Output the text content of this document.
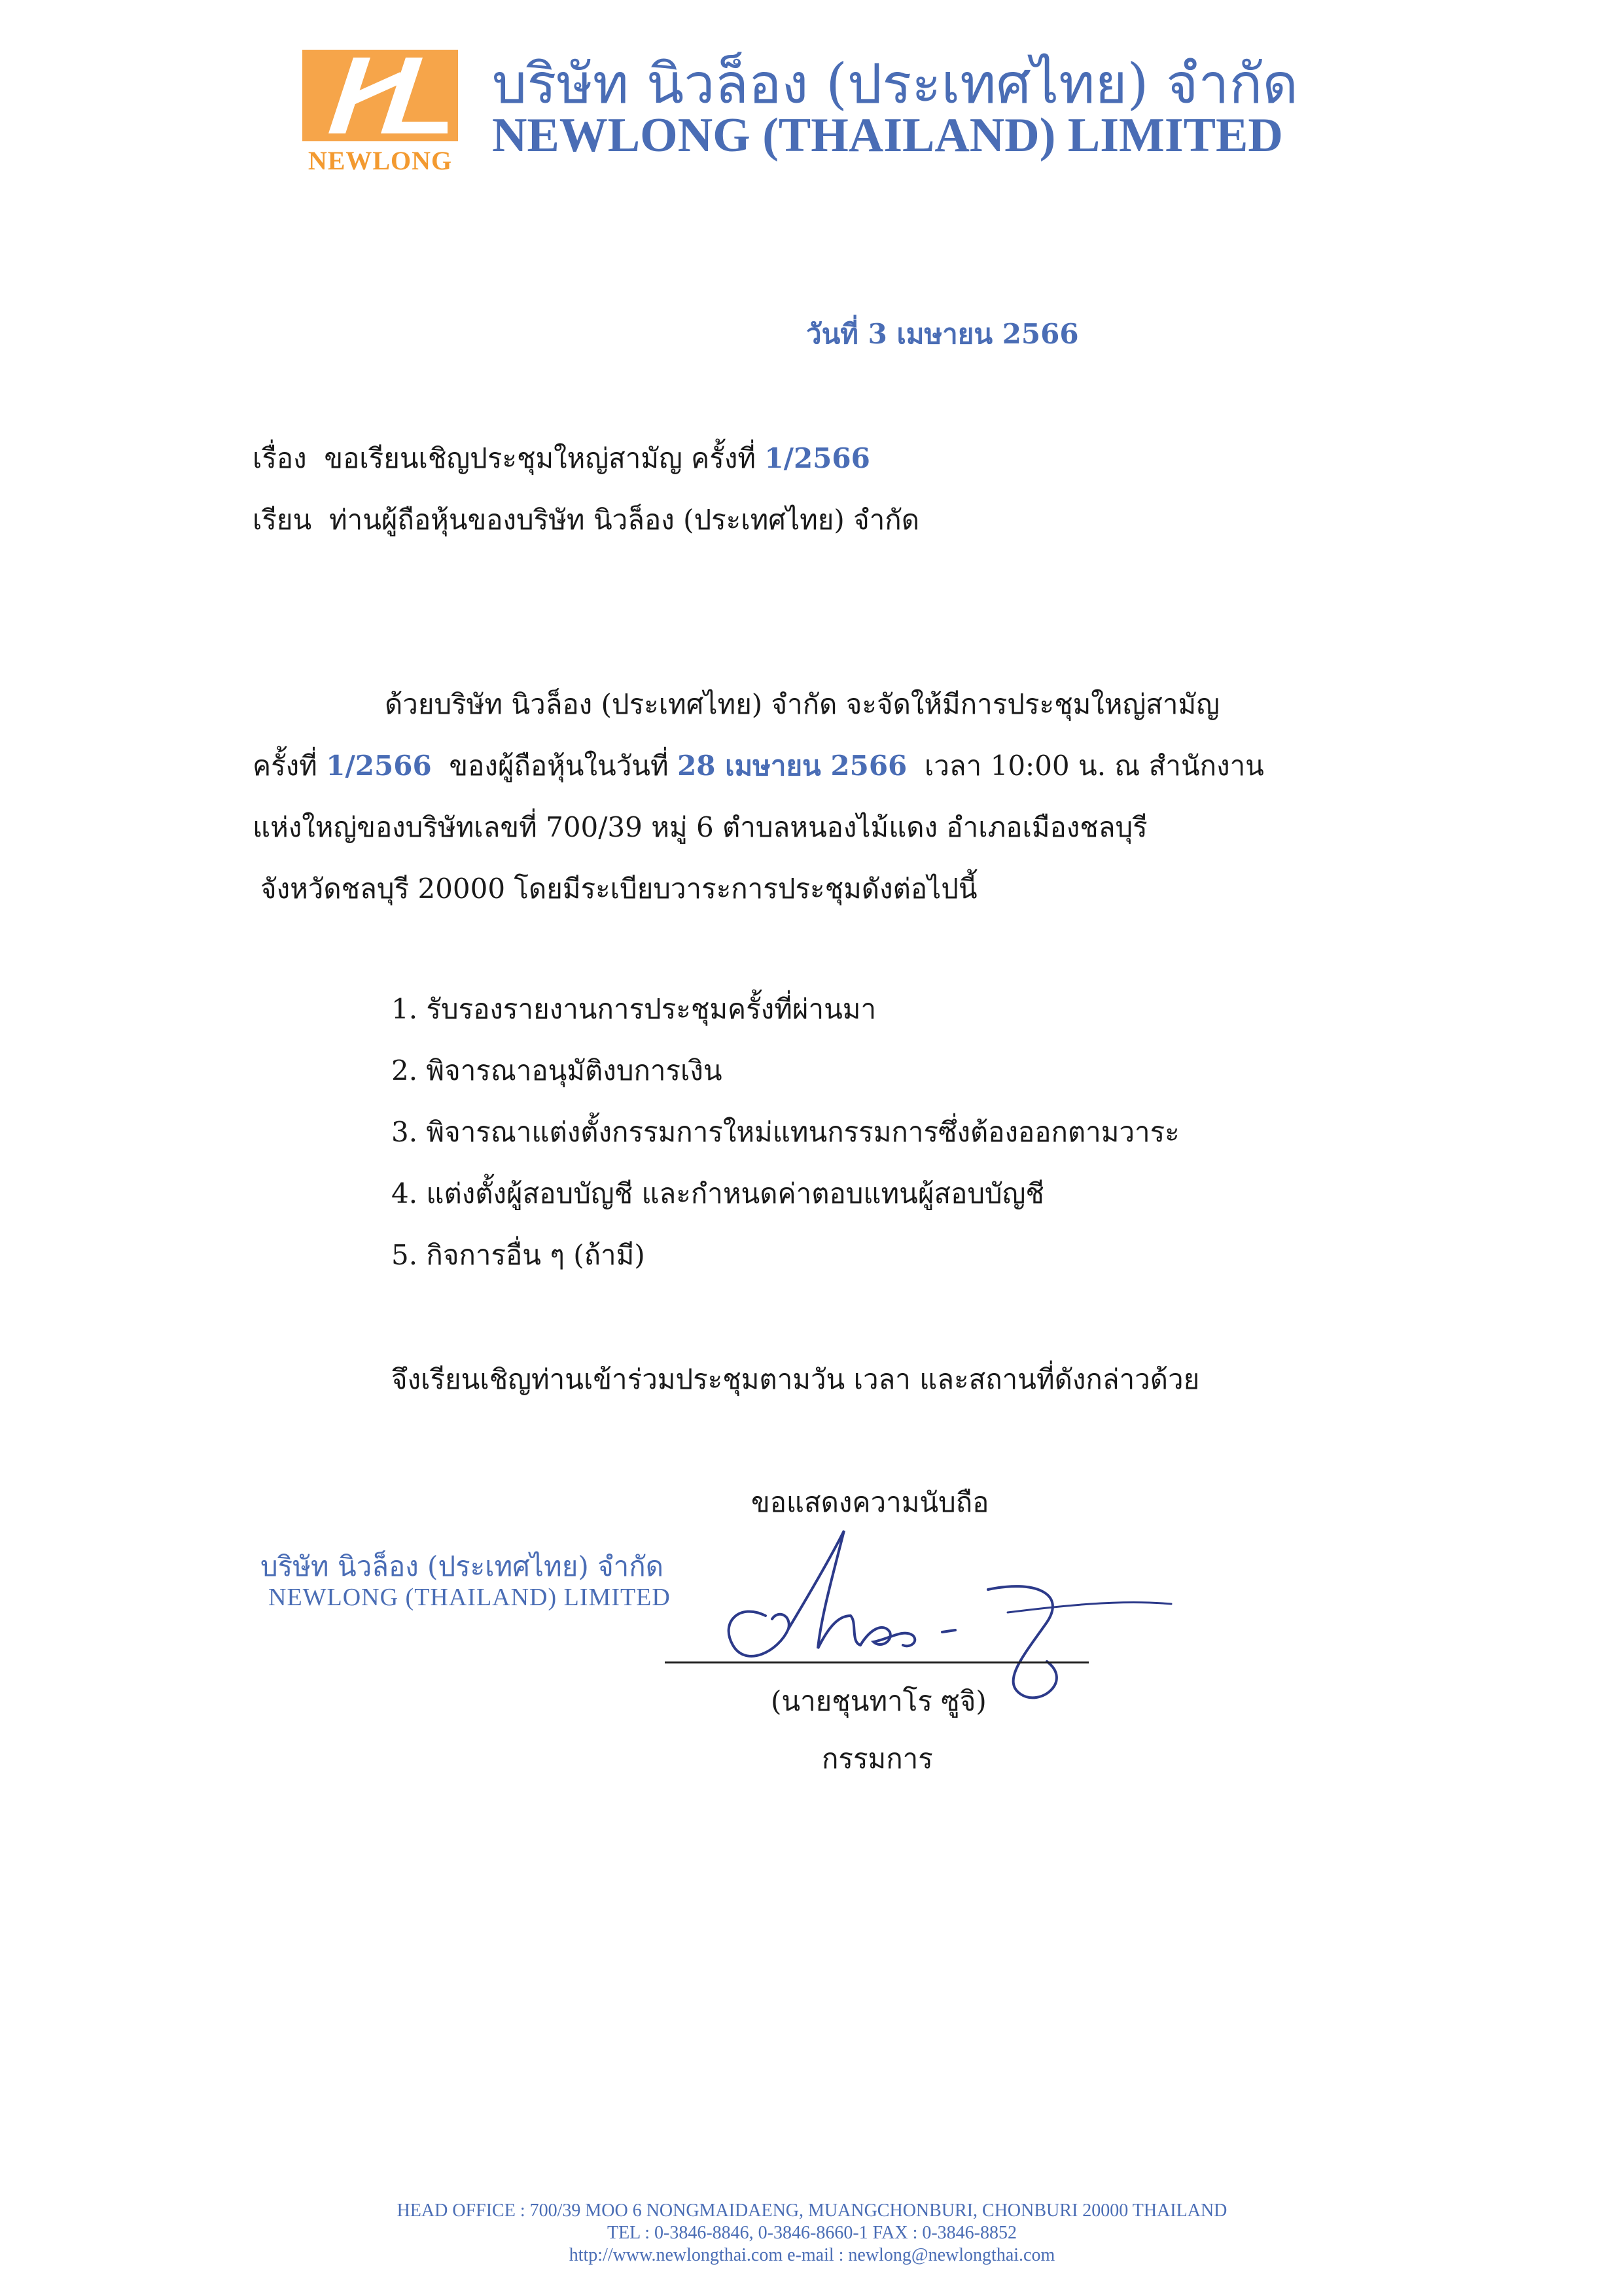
NEWLONG
บริษัท นิวล็อง (ประเทศไทย) จำกัด
NEWLONG (THAILAND) LIMITED
วันที่ 3 เมษายน 2566
เรื่อง ขอเรียนเชิญประชุมใหญ่สามัญ ครั้งที่ 1/2566
เรียน ท่านผู้ถือหุ้นของบริษัท นิวล็อง (ประเทศไทย) จำกัด
ด้วยบริษัท นิวล็อง (ประเทศไทย) จำกัด จะจัดให้มีการประชุมใหญ่สามัญ
ครั้งที่ 1/2566 ของผู้ถือหุ้นในวันที่ 28 เมษายน 2566 เวลา 10:00 น. ณ สำนักงาน
แห่งใหญ่ของบริษัทเลขที่ 700/39 หมู่ 6 ตำบลหนองไม้แดง อำเภอเมืองชลบุรี
จังหวัดชลบุรี 20000 โดยมีระเบียบวาระการประชุมดังต่อไปนี้
1. รับรองรายงานการประชุมครั้งที่ผ่านมา
2. พิจารณาอนุมัติงบการเงิน
3. พิจารณาแต่งตั้งกรรมการใหม่แทนกรรมการซึ่งต้องออกตามวาระ
4. แต่งตั้งผู้สอบบัญชี และกำหนดค่าตอบแทนผู้สอบบัญชี
5. กิจการอื่น ๆ (ถ้ามี)
จึงเรียนเชิญท่านเข้าร่วมประชุมตามวัน เวลา และสถานที่ดังกล่าวด้วย
ขอแสดงความนับถือ
บริษัท นิวล็อง (ประเทศไทย) จำกัด
NEWLONG (THAILAND) LIMITED
(นายชุนทาโร ซูจิ)
กรรมการ
HEAD OFFICE : 700/39 MOO 6 NONGMAIDAENG, MUANGCHONBURI, CHONBURI 20000 THAILAND
TEL : 0-3846-8846, 0-3846-8660-1 FAX : 0-3846-8852
http://www.newlongthai.com e-mail : newlong@newlongthai.com
